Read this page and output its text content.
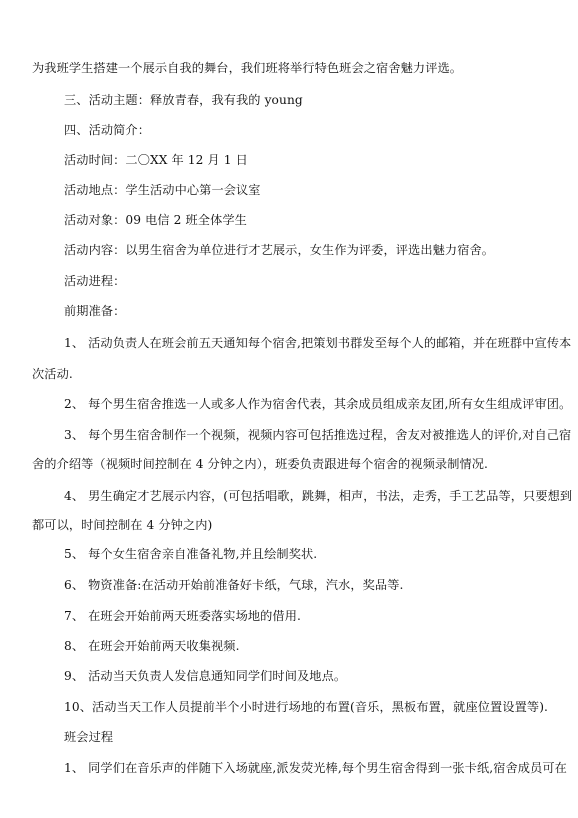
为我班学生搭建一个展示自我的舞台，我们班将举行特色班会之宿舍魅力评选。
三、活动主题：释放青春，我有我的 young
四、活动简介：
活动时间：二〇XX 年 12 月 1 日
活动地点：学生活动中心第一会议室
活动对象：09 电信 2 班全体学生
活动内容：以男生宿舍为单位进行才艺展示，女生作为评委，评选出魅力宿舍。
活动进程：
前期准备：
1、 活动负责人在班会前五天通知每个宿舍,把策划书群发至每个人的邮箱，并在班群中宣传本
次活动.
2、 每个男生宿舍推选一人或多人作为宿舍代表，其余成员组成亲友团,所有女生组成评审团。
3、 每个男生宿舍制作一个视频，视频内容可包括推选过程，舍友对被推选人的评价,对自己宿
舍的介绍等（视频时间控制在 4 分钟之内），班委负责跟进每个宿舍的视频录制情况.
4、 男生确定才艺展示内容，(可包括唱歌，跳舞，相声，书法，走秀，手工艺品等，只要想到
都可以，时间控制在 4 分钟之内)
5、 每个女生宿舍亲自准备礼物,并且绘制奖状.
6、 物资准备:在活动开始前准备好卡纸，气球，汽水，奖品等.
7、 在班会开始前两天班委落实场地的借用.
8、 在班会开始前两天收集视频.
9、 活动当天负责人发信息通知同学们时间及地点。
10、活动当天工作人员提前半个小时进行场地的布置(音乐，黑板布置，就座位置设置等).
班会过程
1、 同学们在音乐声的伴随下入场就座,派发荧光棒,每个男生宿舍得到一张卡纸,宿舍成员可在
